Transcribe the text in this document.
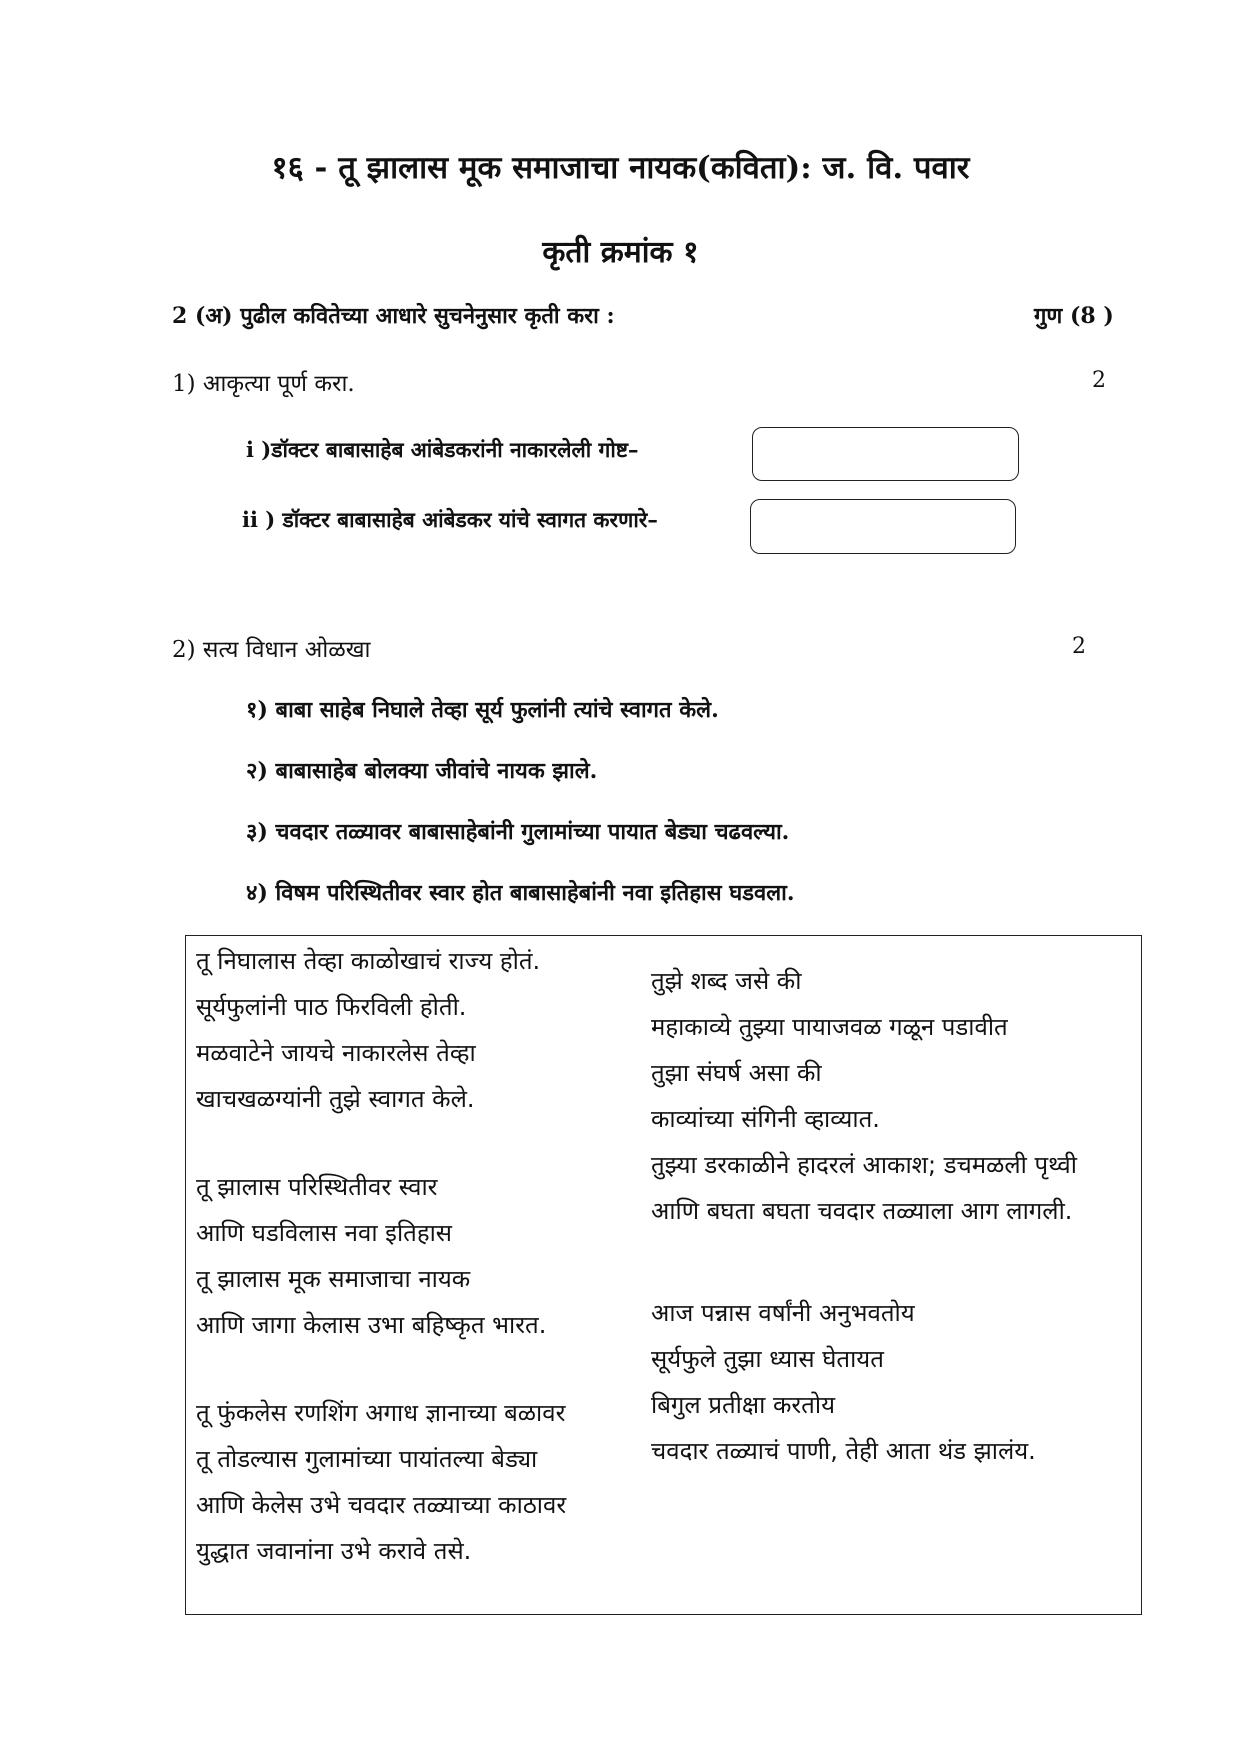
१६ - तू झालास मूक समाजाचा नायक(कविता): ज. वि. पवार
कृती क्रमांक १
2 (अ) पुढील कवितेच्या आधारे सुचनेनुसार कृती करा :	गुण (8 )
1) आकृत्या पूर्ण करा.	2
i )डॉक्टर बाबासाहेब आंबेडकरांनी नाकारलेली गोष्ट–
ii ) डॉक्टर बाबासाहेब आंबेडकर यांचे स्वागत करणारे–
2) सत्य विधान ओळखा	2
१) बाबा साहेब निघाले तेव्हा सूर्य फुलांनी त्यांचे स्वागत केले.
२) बाबासाहेब बोलक्या जीवांचे नायक झाले.
३) चवदार तळ्यावर बाबासाहेबांनी गुलामांच्या पायात बेड्या चढवल्या.
४) विषम परिस्थितीवर स्वार होत बाबासाहेबांनी नवा इतिहास घडवला.
तू निघालास तेव्हा काळोखाचं राज्य होतं.
सूर्यफुलांनी पाठ फिरविली होती.
मळवाटेने जायचे नाकारलेस तेव्हा
खाचखळग्यांनी तुझे स्वागत केले.
तू झालास परिस्थितीवर स्वार
आणि घडविलास नवा इतिहास
तू झालास मूक समाजाचा नायक
आणि जागा केलास उभा बहिष्कृत भारत.
तू फुंकलेस रणशिंग अगाध ज्ञानाच्या बळावर
तू तोडल्यास गुलामांच्या पायांतल्या बेड्या
आणि केलेस उभे चवदार तळ्याच्या काठावर
युद्धात जवानांना उभे करावे तसे.
तुझे शब्द जसे की
महाकाव्ये तुझ्या पायाजवळ गळून पडावीत
तुझा संघर्ष असा की
काव्यांच्या संगिनी व्हाव्यात.
तुझ्या डरकाळीने हादरलं आकाश; डचमळली पृथ्वी
आणि बघता बघता चवदार तळ्याला आग लागली.
आज पन्नास वर्षांनी अनुभवतोय
सूर्यफुले तुझा ध्यास घेतायत
बिगुल प्रतीक्षा करतोय
चवदार तळ्याचं पाणी, तेही आता थंड झालंय.
